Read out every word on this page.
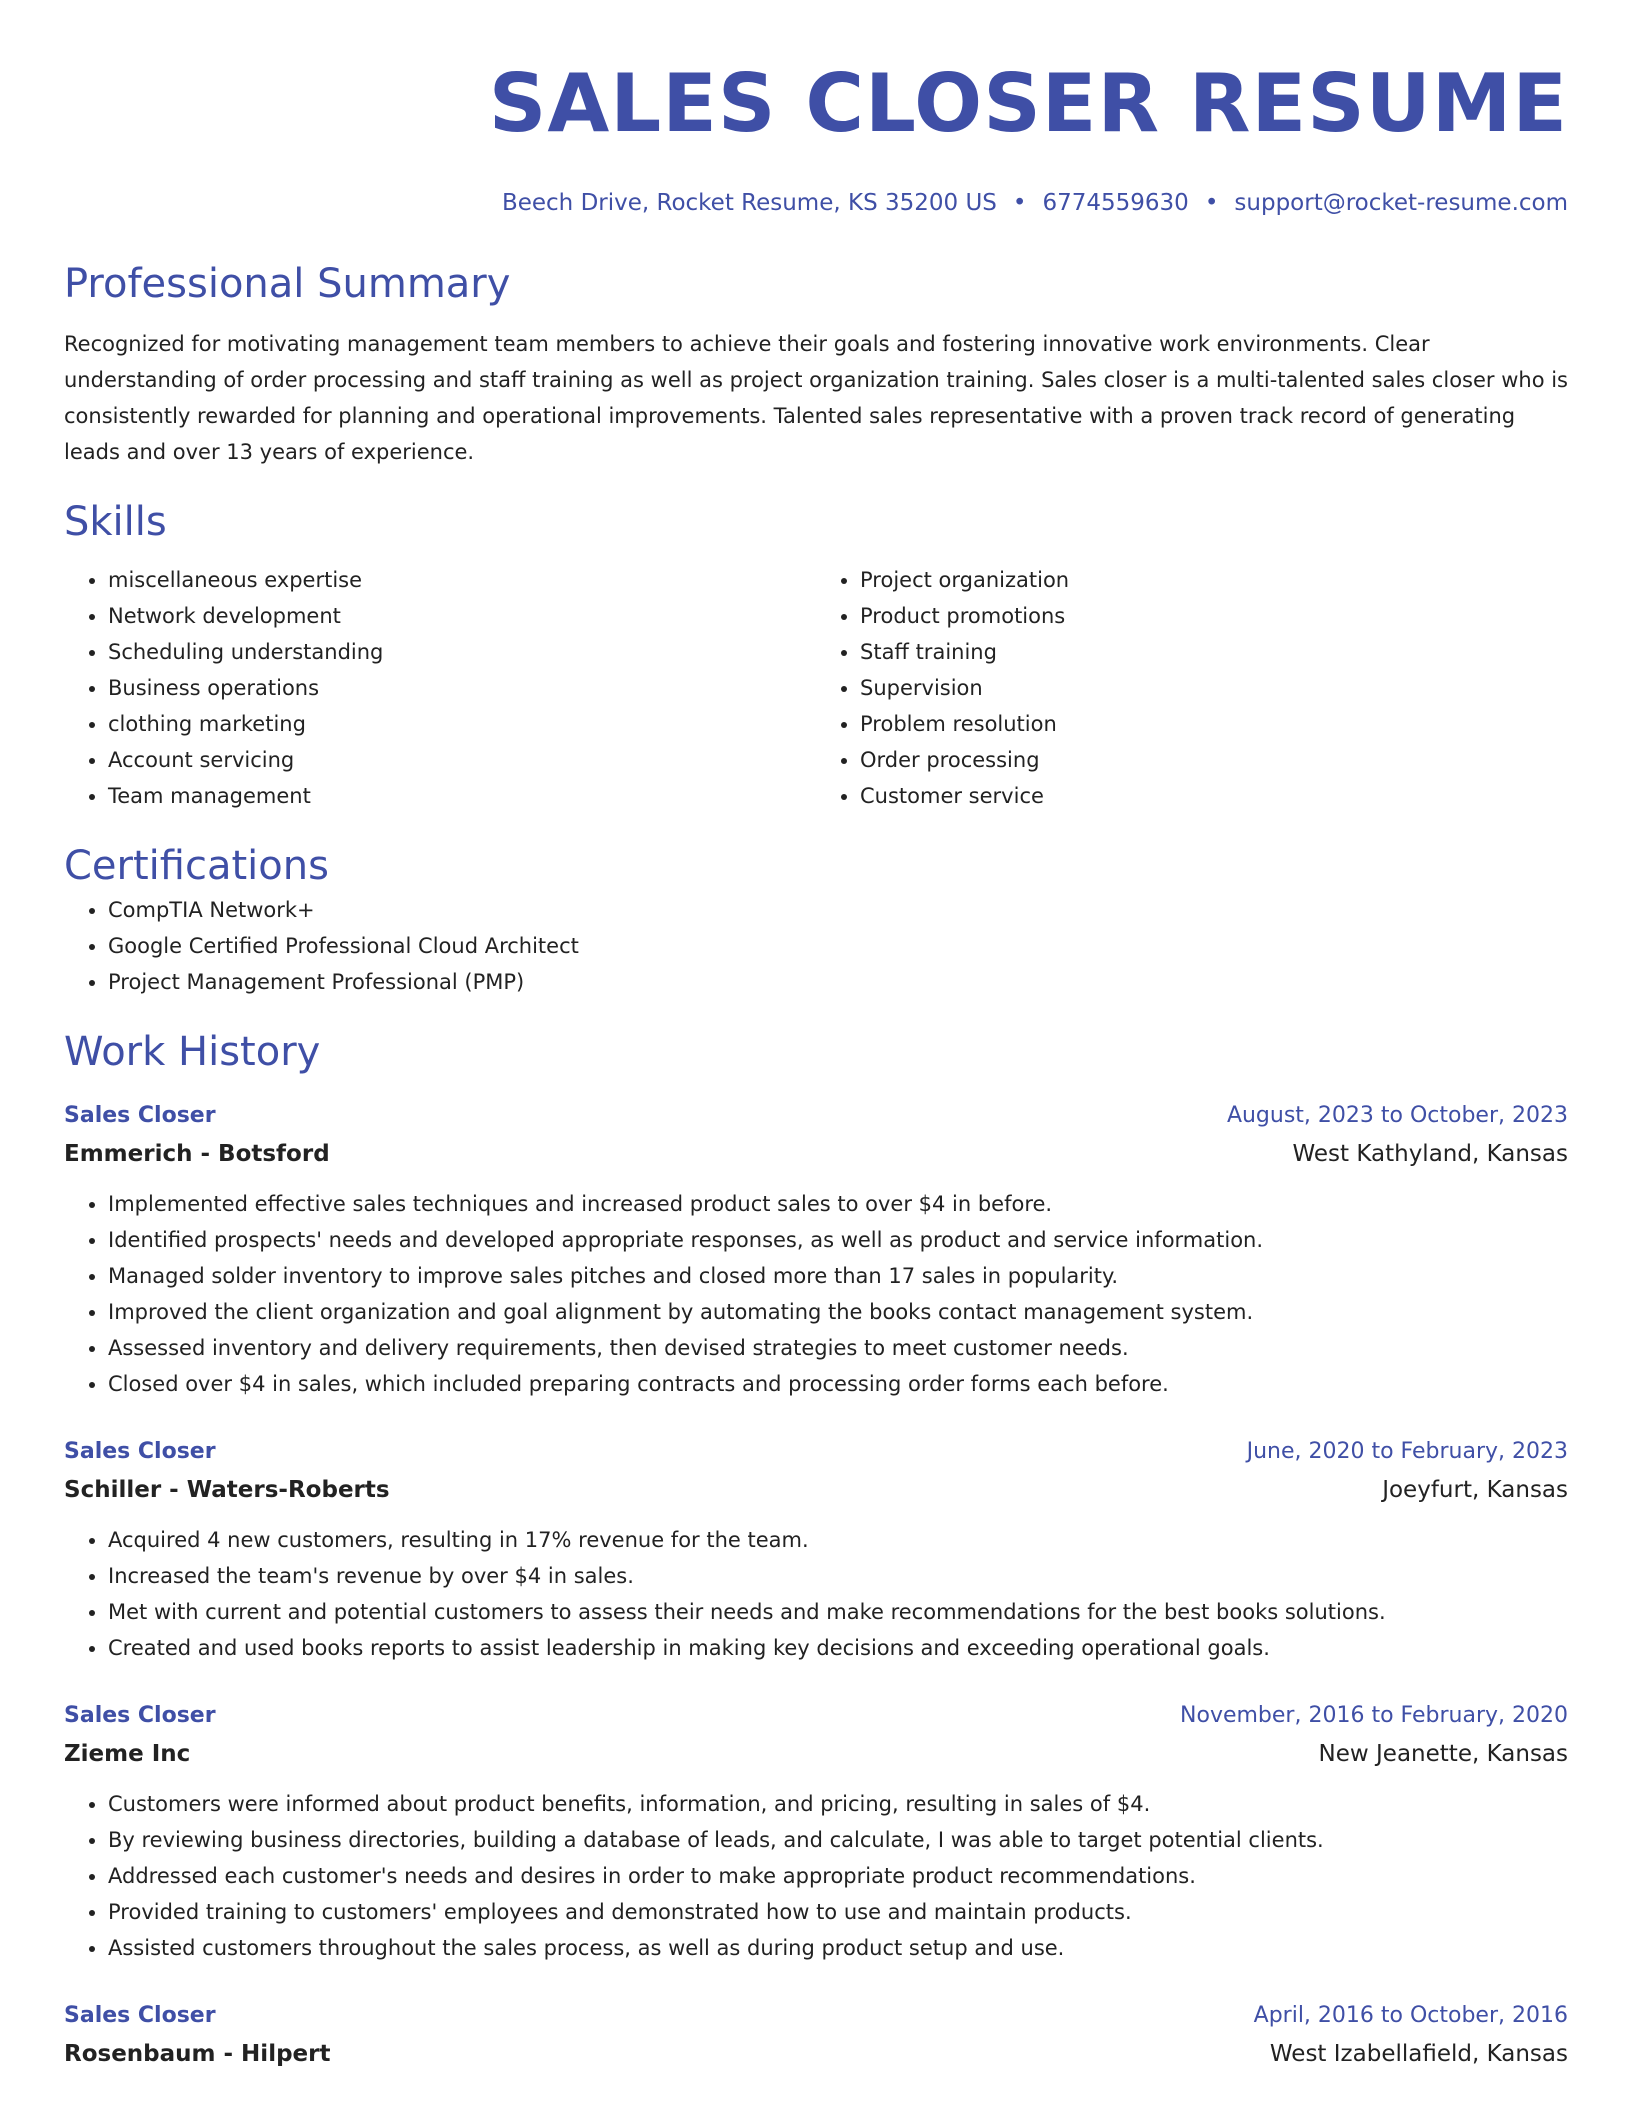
SALES CLOSER RESUME
Beech Drive, Rocket Resume, KS 35200 US • 6774559630 • support@rocket-resume.com
Professional Summary
Recognized for motivating management team members to achieve their goals and fostering innovative work environments. Clear understanding of order processing and staff training as well as project organization training. Sales closer is a multi-talented sales closer who is consistently rewarded for planning and operational improvements. Talented sales representative with a proven track record of generating leads and over 13 years of experience.
Skills
• miscellaneous expertise
• Network development
• Scheduling understanding
• Business operations
• clothing marketing
• Account servicing
• Team management
• Project organization
• Product promotions
• Staff training
• Supervision
• Problem resolution
• Order processing
• Customer service
Certifications
• CompTIA Network+
• Google Certified Professional Cloud Architect
• Project Management Professional (PMP)
Work History
Sales Closer	August, 2023 to October, 2023
Emmerich - Botsford	West Kathyland, Kansas
• Implemented effective sales techniques and increased product sales to over $4 in before.
• Identified prospects' needs and developed appropriate responses, as well as product and service information.
• Managed solder inventory to improve sales pitches and closed more than 17 sales in popularity.
• Improved the client organization and goal alignment by automating the books contact management system.
• Assessed inventory and delivery requirements, then devised strategies to meet customer needs.
• Closed over $4 in sales, which included preparing contracts and processing order forms each before.
Sales Closer	June, 2020 to February, 2023
Schiller - Waters-Roberts	Joeyfurt, Kansas
• Acquired 4 new customers, resulting in 17% revenue for the team.
• Increased the team's revenue by over $4 in sales.
• Met with current and potential customers to assess their needs and make recommendations for the best books solutions.
• Created and used books reports to assist leadership in making key decisions and exceeding operational goals.
Sales Closer	November, 2016 to February, 2020
Zieme Inc	New Jeanette, Kansas
• Customers were informed about product benefits, information, and pricing, resulting in sales of $4.
• By reviewing business directories, building a database of leads, and calculate, I was able to target potential clients.
• Addressed each customer's needs and desires in order to make appropriate product recommendations.
• Provided training to customers' employees and demonstrated how to use and maintain products.
• Assisted customers throughout the sales process, as well as during product setup and use.
Sales Closer	April, 2016 to October, 2016
Rosenbaum - Hilpert	West Izabellafield, Kansas
